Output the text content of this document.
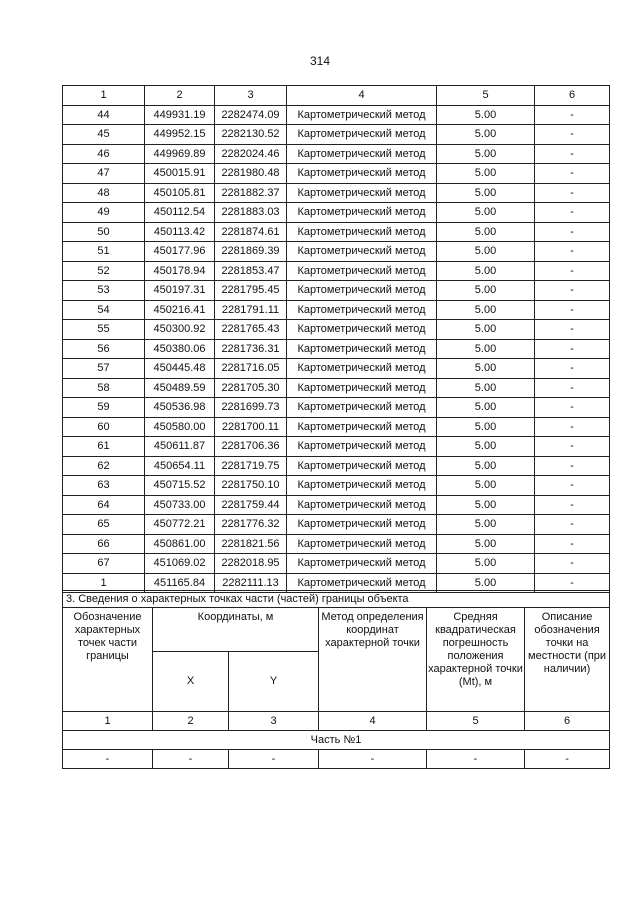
314
1	2	3	4	5	6
44	449931.19	2282474.09	Картометрический метод	5.00	-
45	449952.15	2282130.52	Картометрический метод	5.00	-
46	449969.89	2282024.46	Картометрический метод	5.00	-
47	450015.91	2281980.48	Картометрический метод	5.00	-
48	450105.81	2281882.37	Картометрический метод	5.00	-
49	450112.54	2281883.03	Картометрический метод	5.00	-
50	450113.42	2281874.61	Картометрический метод	5.00	-
51	450177.96	2281869.39	Картометрический метод	5.00	-
52	450178.94	2281853.47	Картометрический метод	5.00	-
53	450197.31	2281795.45	Картометрический метод	5.00	-
54	450216.41	2281791.11	Картометрический метод	5.00	-
55	450300.92	2281765.43	Картометрический метод	5.00	-
56	450380.06	2281736.31	Картометрический метод	5.00	-
57	450445.48	2281716.05	Картометрический метод	5.00	-
58	450489.59	2281705.30	Картометрический метод	5.00	-
59	450536.98	2281699.73	Картометрический метод	5.00	-
60	450580.00	2281700.11	Картометрический метод	5.00	-
61	450611.87	2281706.36	Картометрический метод	5.00	-
62	450654.11	2281719.75	Картометрический метод	5.00	-
63	450715.52	2281750.10	Картометрический метод	5.00	-
64	450733.00	2281759.44	Картометрический метод	5.00	-
65	450772.21	2281776.32	Картометрический метод	5.00	-
66	450861.00	2281821.56	Картометрический метод	5.00	-
67	451069.02	2282018.95	Картометрический метод	5.00	-
1	451165.84	2282111.13	Картометрический метод	5.00	-
3. Сведения о характерных точках части (частей) границы объекта					
Обозначение характерных точек части границы	Координаты, м		Метод определения координат характерной точки	Средняя квадратическая погрешность положения характерной точки (Mt), м	Описание обозначения точки на местности (при наличии)
	X	Y			
1	2	3	4	5	6
Часть №1					
-	-	-	-	-	-
